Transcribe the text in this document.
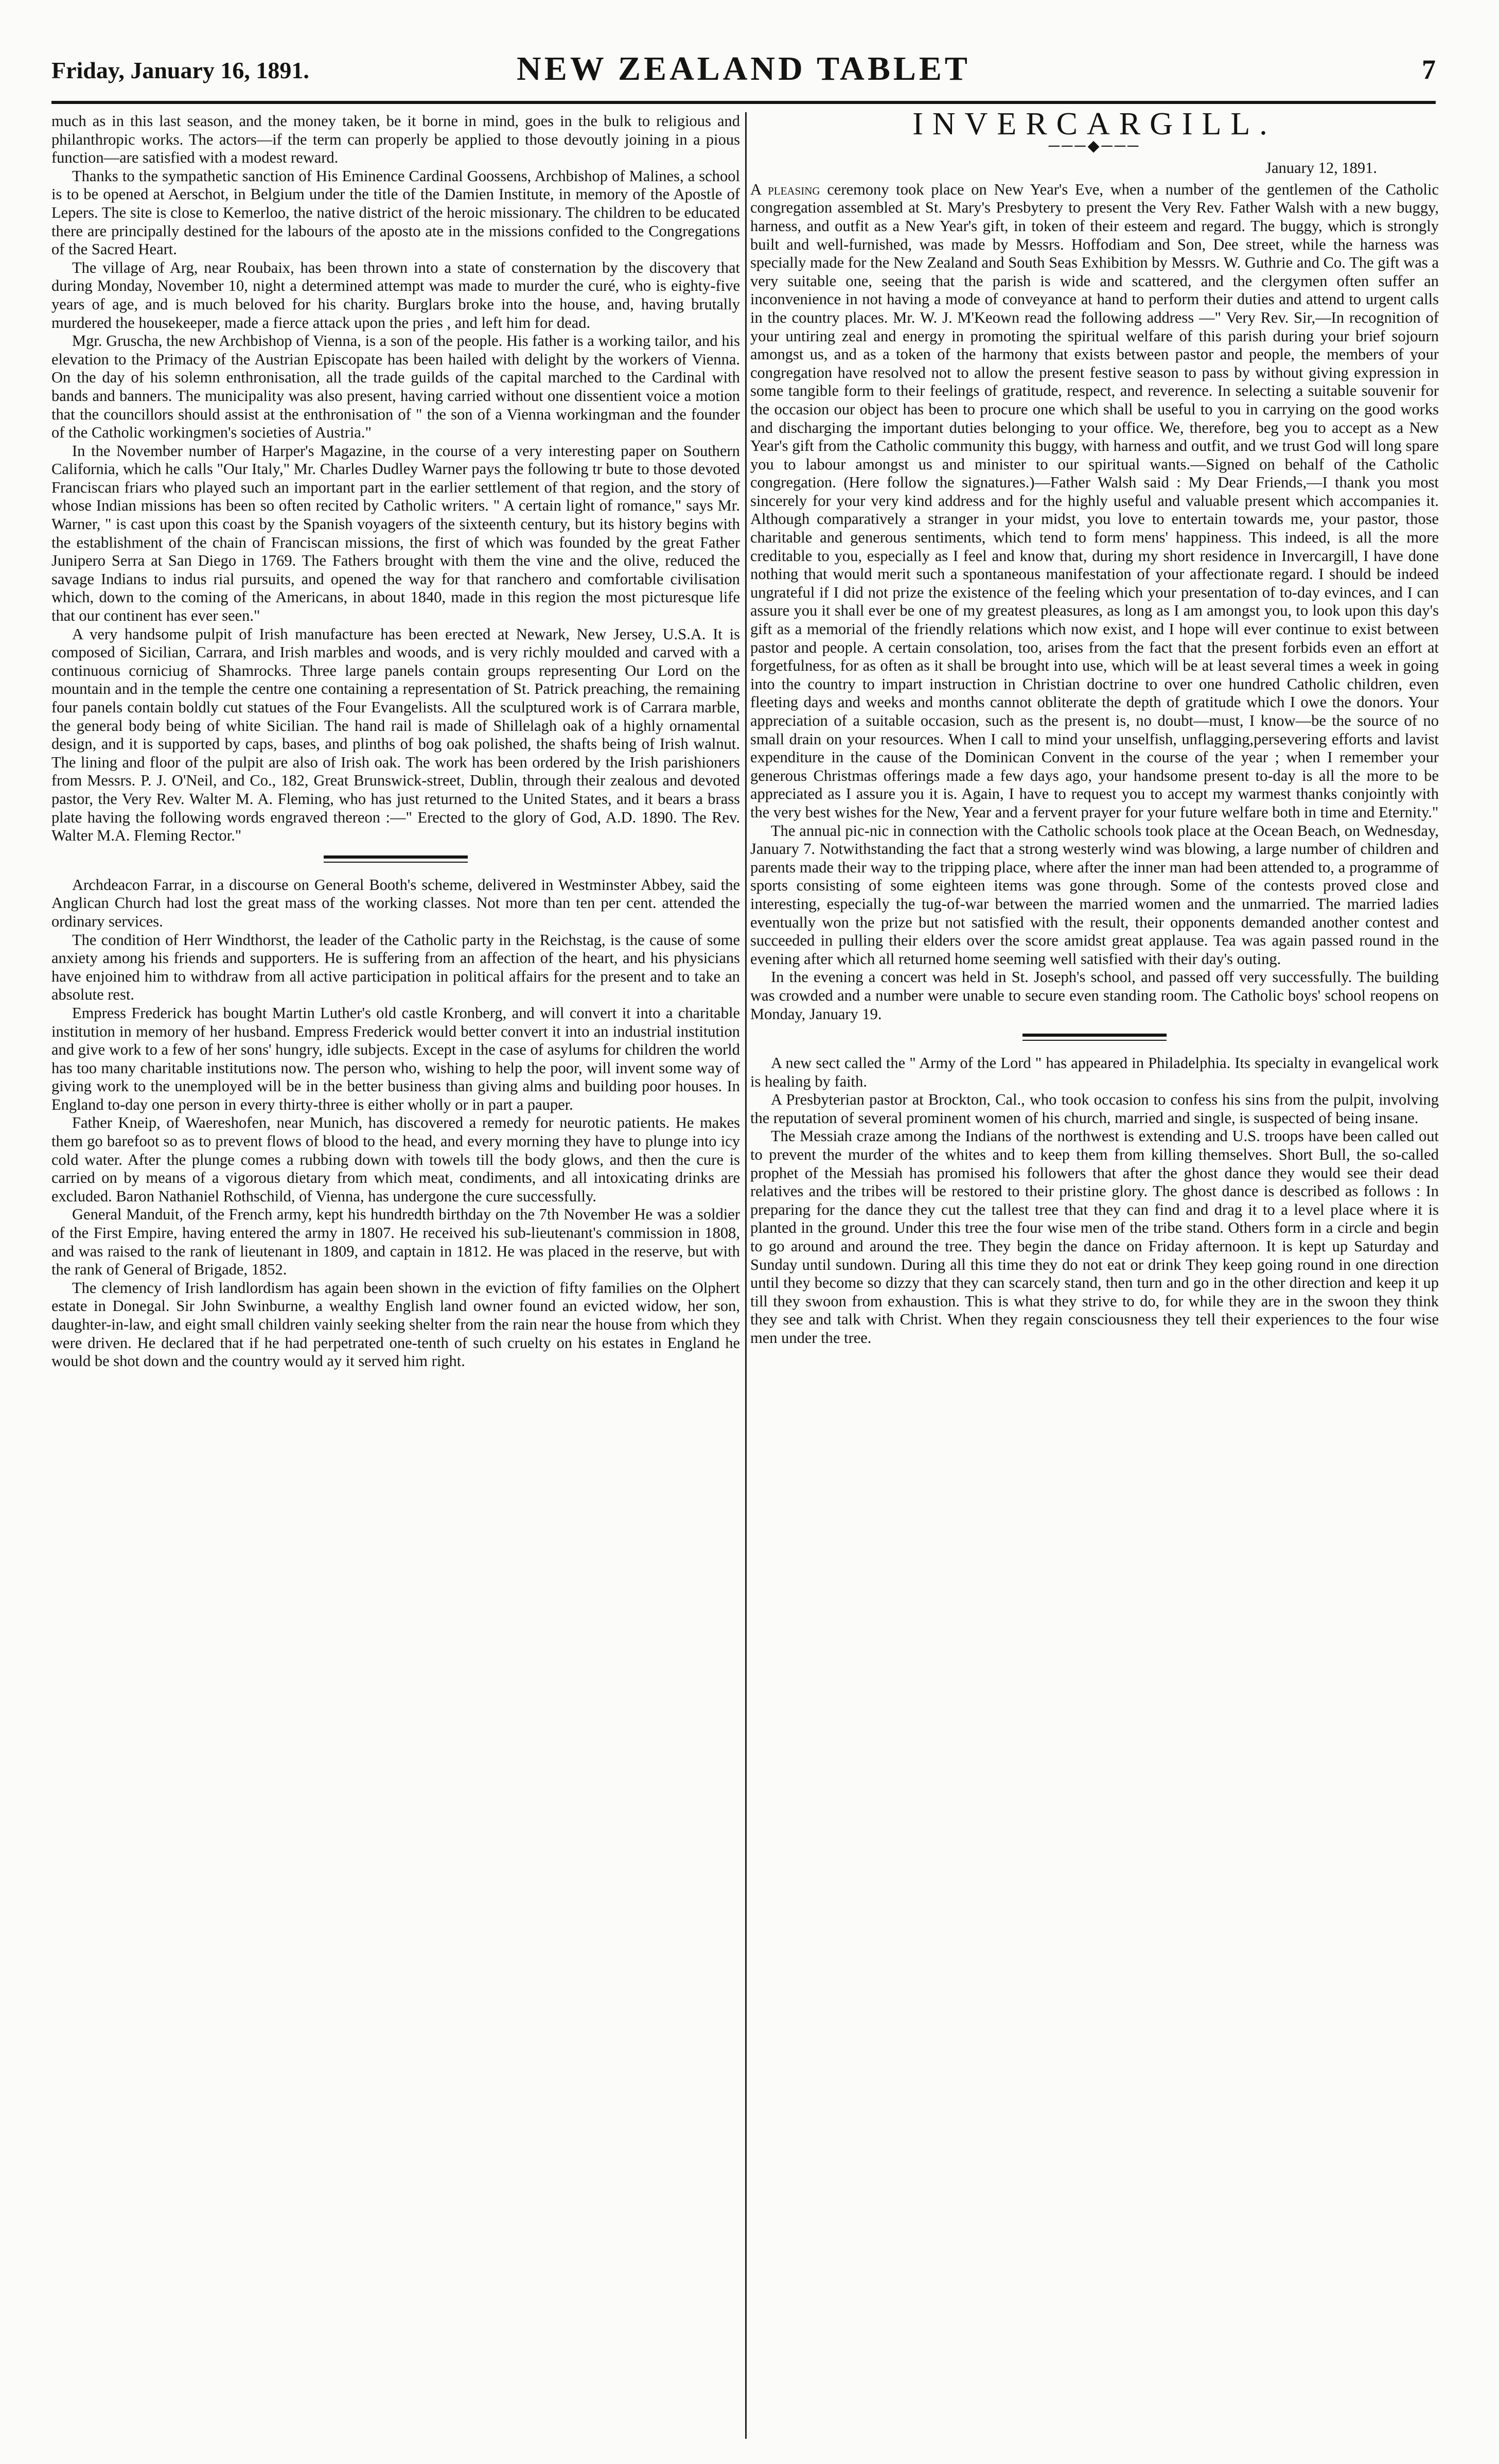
Friday, January 16, 1891.	NEW ZEALAND TABLET	7

much as in this last season, and the money taken, be it borne in mind, goes in the bulk to religious and philanthropic works. The actors—if the term can properly be applied to those devoutly joining in a pious function—are satisfied with a modest reward.

Thanks to the sympathetic sanction of His Eminence Cardinal Goossens, Archbishop of Malines, a school is to be opened at Aerschot, in Belgium under the title of the Damien Institute, in memory of the Apostle of Lepers. The site is close to Kemerloo, the native district of the heroic missionary. The children to be educated there are principally destined for the labours of the aposto ate in the missions confided to the Congregations of the Sacred Heart.

The village of Arg, near Roubaix, has been thrown into a state of consternation by the discovery that during Monday, November 10, night a determined attempt was made to murder the curé, who is eighty-five years of age, and is much beloved for his charity. Burglars broke into the house, and, having brutally murdered the housekeeper, made a fierce attack upon the pries , and left him for dead.

Mgr. Gruscha, the new Archbishop of Vienna, is a son of the people. His father is a working tailor, and his elevation to the Primacy of the Austrian Episcopate has been hailed with delight by the workers of Vienna. On the day of his solemn enthronisation, all the trade guilds of the capital marched to the Cardinal with bands and banners. The municipality was also present, having carried without one dissentient voice a motion that the councillors should assist at the enthronisation of " the son of a Vienna workingman and the founder of the Catholic workingmen's societies of Austria."

In the November number of Harper's Magazine, in the course of a very interesting paper on Southern California, which he calls "Our Italy," Mr. Charles Dudley Warner pays the following tr bute to those devoted Franciscan friars who played such an important part in the earlier settlement of that region, and the story of whose Indian missions has been so often recited by Catholic writers. " A certain light of romance," says Mr. Warner, " is cast upon this coast by the Spanish voyagers of the sixteenth century, but its history begins with the establishment of the chain of Franciscan missions, the first of which was founded by the great Father Junipero Serra at San Diego in 1769. The Fathers brought with them the vine and the olive, reduced the savage Indians to indus rial pursuits, and opened the way for that ranchero and comfortable civilisation which, down to the coming of the Americans, in about 1840, made in this region the most picturesque life that our continent has ever seen."

A very handsome pulpit of Irish manufacture has been erected at Newark, New Jersey, U.S.A. It is composed of Sicilian, Carrara, and Irish marbles and woods, and is very richly moulded and carved with a continuous corniciug of Shamrocks. Three large panels contain groups representing Our Lord on the mountain and in the temple the centre one containing a representation of St. Patrick preaching, the remaining four panels contain boldly cut statues of the Four Evangelists. All the sculptured work is of Carrara marble, the general body being of white Sicilian. The hand rail is made of Shillelagh oak of a highly ornamental design, and it is supported by caps, bases, and plinths of bog oak polished, the shafts being of Irish walnut. The lining and floor of the pulpit are also of Irish oak. The work has been ordered by the Irish parishioners from Messrs. P. J. O'Neil, and Co., 182, Great Brunswick-street, Dublin, through their zealous and devoted pastor, the Very Rev. Walter M. A. Fleming, who has just returned to the United States, and it bears a brass plate having the following words engraved thereon :—" Erected to the glory of God, A.D. 1890. The Rev. Walter M.A. Fleming Rector."

Archdeacon Farrar, in a discourse on General Booth's scheme, delivered in Westminster Abbey, said the Anglican Church had lost the great mass of the working classes. Not more than ten per cent. attended the ordinary services.

The condition of Herr Windthorst, the leader of the Catholic party in the Reichstag, is the cause of some anxiety among his friends and supporters. He is suffering from an affection of the heart, and his physicians have enjoined him to withdraw from all active participation in political affairs for the present and to take an absolute rest.

Empress Frederick has bought Martin Luther's old castle Kronberg, and will convert it into a charitable institution in memory of her husband. Empress Frederick would better convert it into an industrial institution and give work to a few of her sons' hungry, idle subjects. Except in the case of asylums for children the world has too many charitable institutions now. The person who, wishing to help the poor, will invent some way of giving work to the unemployed will be in the better business than giving alms and building poor houses. In England to-day one person in every thirty-three is either wholly or in part a pauper.

Father Kneip, of Waereshofen, near Munich, has discovered a remedy for neurotic patients. He makes them go barefoot so as to prevent flows of blood to the head, and every morning they have to plunge into icy cold water. After the plunge comes a rubbing down with towels till the body glows, and then the cure is carried on by means of a vigorous dietary from which meat, condiments, and all intoxicating drinks are excluded. Baron Nathaniel Rothschild, of Vienna, has undergone the cure successfully.

General Manduit, of the French army, kept his hundredth birthday on the 7th November He was a soldier of the First Empire, having entered the army in 1807. He received his sub-lieutenant's commission in 1808, and was raised to the rank of lieutenant in 1809, and captain in 1812. He was placed in the reserve, but with the rank of General of Brigade, 1852.

The clemency of Irish landlordism has again been shown in the eviction of fifty families on the Olphert estate in Donegal. Sir John Swinburne, a wealthy English land owner found an evicted widow, her son, daughter-in-law, and eight small children vainly seeking shelter from the rain near the house from which they were driven. He declared that if he had perpetrated one-tenth of such cruelty on his estates in England he would be shot down and the country would ay it served him right.

INVERCARGILL.
───◆───
January 12, 1891.

A pleasing ceremony took place on New Year's Eve, when a number of the gentlemen of the Catholic congregation assembled at St. Mary's Presbytery to present the Very Rev. Father Walsh with a new buggy, harness, and outfit as a New Year's gift, in token of their esteem and regard. The buggy, which is strongly built and well-furnished, was made by Messrs. Hoffodiam and Son, Dee street, while the harness was specially made for the New Zealand and South Seas Exhibition by Messrs. W. Guthrie and Co. The gift was a very suitable one, seeing that the parish is wide and scattered, and the clergymen often suffer an inconvenience in not having a mode of conveyance at hand to perform their duties and attend to urgent calls in the country places. Mr. W. J. M'Keown read the following address —" Very Rev. Sir,—In recognition of your untiring zeal and energy in promoting the spiritual welfare of this parish during your brief sojourn amongst us, and as a token of the harmony that exists between pastor and people, the members of your congregation have resolved not to allow the present festive season to pass by without giving expression in some tangible form to their feelings of gratitude, respect, and reverence. In selecting a suitable souvenir for the occasion our object has been to procure one which shall be useful to you in carrying on the good works and discharging the important duties belonging to your office. We, therefore, beg you to accept as a New Year's gift from the Catholic community this buggy, with harness and outfit, and we trust God will long spare you to labour amongst us and minister to our spiritual wants.—Signed on behalf of the Catholic congregation. (Here follow the signatures.)—Father Walsh said : My Dear Friends,—I thank you most sincerely for your very kind address and for the highly useful and valuable present which accompanies it. Although comparatively a stranger in your midst, you love to entertain towards me, your pastor, those charitable and generous sentiments, which tend to form mens' happiness. This indeed, is all the more creditable to you, especially as I feel and know that, during my short residence in Invercargill, I have done nothing that would merit such a spontaneous manifestation of your affectionate regard. I should be indeed ungrateful if I did not prize the existence of the feeling which your presentation of to-day evinces, and I can assure you it shall ever be one of my greatest pleasures, as long as I am amongst you, to look upon this day's gift as a memorial of the friendly relations which now exist, and I hope will ever continue to exist between pastor and people. A certain consolation, too, arises from the fact that the present forbids even an effort at forgetfulness, for as often as it shall be brought into use, which will be at least several times a week in going into the country to impart instruction in Christian doctrine to over one hundred Catholic children, even fleeting days and weeks and months cannot obliterate the depth of gratitude which I owe the donors. Your appreciation of a suitable occasion, such as the present is, no doubt—must, I know—be the source of no small drain on your resources. When I call to mind your unselfish, unflagging,persevering efforts and lavist expenditure in the cause of the Dominican Convent in the course of the year ; when I remember your generous Christmas offerings made a few days ago, your handsome present to-day is all the more to be appreciated as I assure you it is. Again, I have to request you to accept my warmest thanks conjointly with the very best wishes for the New, Year and a fervent prayer for your future welfare both in time and Eternity."

The annual pic-nic in connection with the Catholic schools took place at the Ocean Beach, on Wednesday, January 7. Notwithstanding the fact that a strong westerly wind was blowing, a large number of children and parents made their way to the tripping place, where after the inner man had been attended to, a programme of sports consisting of some eighteen items was gone through. Some of the contests proved close and interesting, especially the tug-of-war between the married women and the unmarried. The married ladies eventually won the prize but not satisfied with the result, their opponents demanded another contest and succeeded in pulling their elders over the score amidst great applause. Tea was again passed round in the evening after which all returned home seeming well satisfied with their day's outing.

In the evening a concert was held in St. Joseph's school, and passed off very successfully. The building was crowded and a number were unable to secure even standing room. The Catholic boys' school reopens on Monday, January 19.

A new sect called the " Army of the Lord " has appeared in Philadelphia. Its specialty in evangelical work is healing by faith.

A Presbyterian pastor at Brockton, Cal., who took occasion to confess his sins from the pulpit, involving the reputation of several prominent women of his church, married and single, is suspected of being insane.

The Messiah craze among the Indians of the northwest is extending and U.S. troops have been called out to prevent the murder of the whites and to keep them from killing themselves. Short Bull, the so-called prophet of the Messiah has promised his followers that after the ghost dance they would see their dead relatives and the tribes will be restored to their pristine glory. The ghost dance is described as follows : In preparing for the dance they cut the tallest tree that they can find and drag it to a level place where it is planted in the ground. Under this tree the four wise men of the tribe stand. Others form in a circle and begin to go around and around the tree. They begin the dance on Friday afternoon. It is kept up Saturday and Sunday until sundown. During all this time they do not eat or drink They keep going round in one direction until they become so dizzy that they can scarcely stand, then turn and go in the other direction and keep it up till they swoon from exhaustion. This is what they strive to do, for while they are in the swoon they think they see and talk with Christ. When they regain consciousness they tell their experiences to the four wise men under the tree.
